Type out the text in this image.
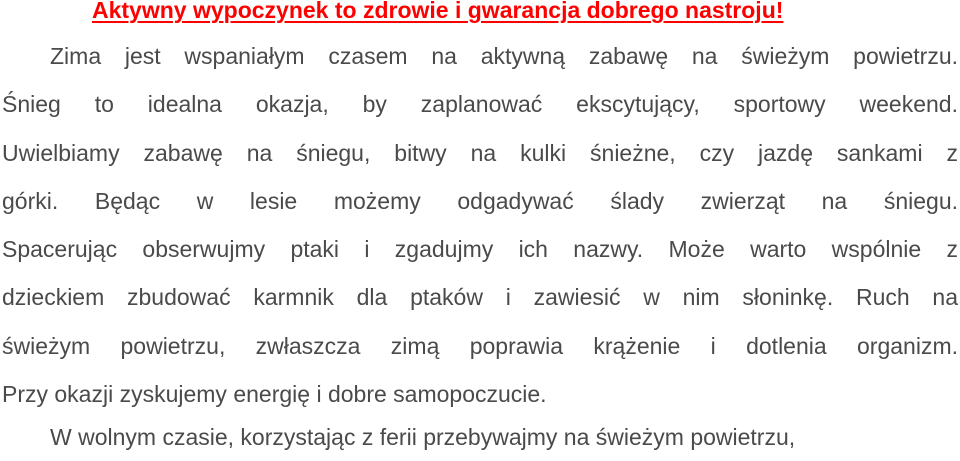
Aktywny wypoczynek to zdrowie i gwarancja dobrego nastroju!

Zima jest wspaniałym czasem na aktywną zabawę na świeżym powietrzu.
Śnieg to idealna okazja, by zaplanować ekscytujący, sportowy weekend.
Uwielbiamy zabawę na śniegu, bitwy na kulki śnieżne, czy jazdę sankami z
górki. Będąc w lesie możemy odgadywać ślady zwierząt na śniegu.
Spacerując obserwujmy ptaki i zgadujmy ich nazwy. Może warto wspólnie z
dzieckiem zbudować karmnik dla ptaków i zawiesić w nim słoninkę. Ruch na
świeżym powietrzu, zwłaszcza zimą poprawia krążenie i dotlenia organizm.
Przy okazji zyskujemy energię i dobre samopoczucie.

W wolnym czasie, korzystając z ferii przebywajmy na świeżym powietrzu,
